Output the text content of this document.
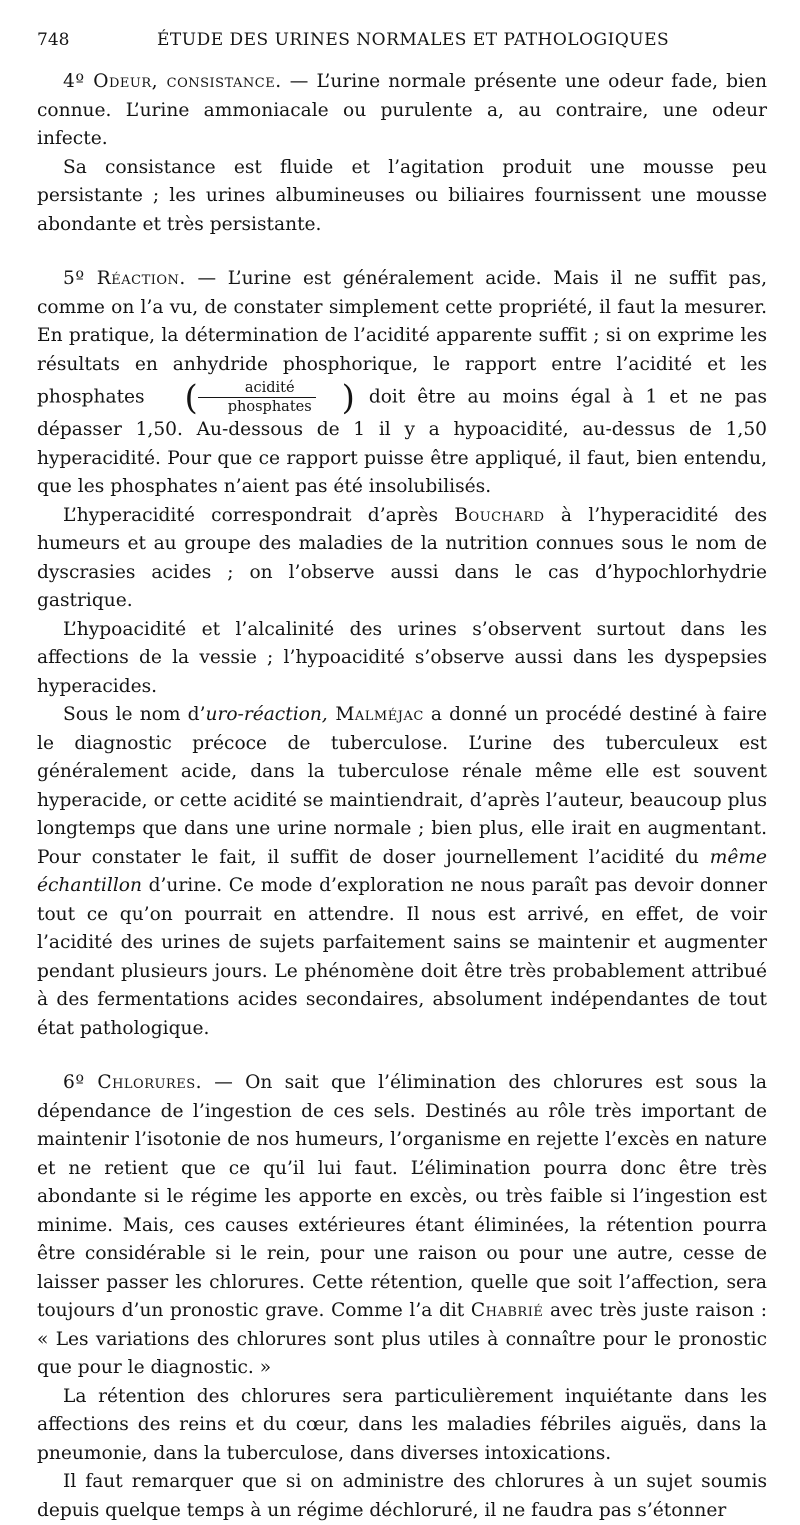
748	ÉTUDE DES URINES NORMALES ET PATHOLOGIQUES

4º Odeur, consistance. — L’urine normale présente une odeur fade, bien connue. L’urine ammoniacale ou purulente a, au contraire, une odeur infecte.

Sa consistance est fluide et l’agitation produit une mousse peu persistante ; les urines albumineuses ou biliaires fournissent une mousse abondante et très persistante.

5º Réaction. — L’urine est généralement acide. Mais il ne suffit pas, comme on l’a vu, de constater simplement cette propriété, il faut la mesurer. En pratique, la détermination de l’acidité apparente suffit ; si on exprime les résultats en anhydride phosphorique, le rapport entre l’acidité et les phosphates ( $\frac{\text{acidité}}{\text{phosphates}}$ ) doit être au moins égal à 1 et ne pas dépasser 1,50. Au-dessous de 1 il y a hypoacidité, au-dessus de 1,50 hyperacidité. Pour que ce rapport puisse être appliqué, il faut, bien entendu, que les phosphates n’aient pas été insolubilisés.

L’hyperacidité correspondrait d’après Bouchard à l’hyperacidité des humeurs et au groupe des maladies de la nutrition connues sous le nom de dyscrasies acides ; on l’observe aussi dans le cas d’hypochlorhydrie gastrique.

L’hypoacidité et l’alcalinité des urines s’observent surtout dans les affections de la vessie ; l’hypoacidité s’observe aussi dans les dyspepsies hyperacides.

Sous le nom d’uro-réaction, Malméjac a donné un procédé destiné à faire le diagnostic précoce de tuberculose. L’urine des tuberculeux est généralement acide, dans la tuberculose rénale même elle est souvent hyperacide, or cette acidité se maintiendrait, d’après l’auteur, beaucoup plus longtemps que dans une urine normale ; bien plus, elle irait en augmentant. Pour constater le fait, il suffit de doser journellement l’acidité du même échantillon d’urine. Ce mode d’exploration ne nous paraît pas devoir donner tout ce qu’on pourrait en attendre. Il nous est arrivé, en effet, de voir l’acidité des urines de sujets parfaitement sains se maintenir et augmenter pendant plusieurs jours. Le phénomène doit être très probablement attribué à des fermentations acides secondaires, absolument indépendantes de tout état pathologique.

6º Chlorures. — On sait que l’élimination des chlorures est sous la dépendance de l’ingestion de ces sels. Destinés au rôle très important de maintenir l’isotonie de nos humeurs, l’organisme en rejette l’excès en nature et ne retient que ce qu’il lui faut. L’élimination pourra donc être très abondante si le régime les apporte en excès, ou très faible si l’ingestion est minime. Mais, ces causes extérieures étant éliminées, la rétention pourra être considérable si le rein, pour une raison ou pour une autre, cesse de laisser passer les chlorures. Cette rétention, quelle que soit l’affection, sera toujours d’un pronostic grave. Comme l’a dit Chabrié avec très juste raison : « Les variations des chlorures sont plus utiles à connaître pour le pronostic que pour le diagnostic. »

La rétention des chlorures sera particulièrement inquiétante dans les affections des reins et du cœur, dans les maladies fébriles aiguës, dans la pneumonie, dans la tuberculose, dans diverses intoxications.

Il faut remarquer que si on administre des chlorures à un sujet soumis depuis quelque temps à un régime déchloruré, il ne faudra pas s’étonner
